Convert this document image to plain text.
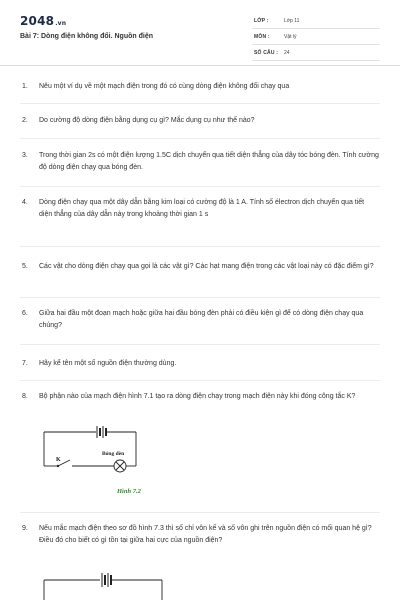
2048.vn
Bài 7: Dòng điện không đổi. Nguồn điện
LỚP :	Lớp 11
MÔN :	Vật lý
SỐ CÂU : 24
1. Nêu một ví dụ về một mạch điện trong đó có cùng dòng điện không đổi chạy qua
2. Do cường độ dòng điện bằng dụng cụ gì? Mắc dụng cụ như thế nào?
3. Trong thời gian 2s có một điện lượng 1.5C dịch chuyển qua tiết diện thẳng của dây tóc bóng đèn. Tính cường độ dòng điện chạy qua bóng đèn.
4. Dòng điện chạy qua một dây dẫn bằng kim loại có cường độ là 1 A. Tính số électron dịch chuyển qua tiết diện thẳng của dây dẫn này trong khoảng thời gian 1 s
5. Các vật cho dòng điện chạy qua gọi là các vật gì? Các hạt mang điện trong các vật loại này có đặc điểm gì?
6. Giữa hai đầu một đoạn mạch hoặc giữa hai đầu bóng đèn phải có điều kiện gì để có dòng điện chạy qua chúng?
7. Hãy kể tên một số nguồn điện thường dùng.
8. Bộ phận nào của mạch điện hình 7.1 tạo ra dòng điện chạy trong mạch điện này khi đóng công tắc K?
Bóng đèn
K
Hình 7.2
9. Nếu mắc mạch điện theo sơ đồ hình 7.3 thì số chỉ vôn kế và số vôn ghi trên nguồn điện có mối quan hệ gì? Điều đó cho biết có gì tồn tại giữa hai cực của nguồn điện?
